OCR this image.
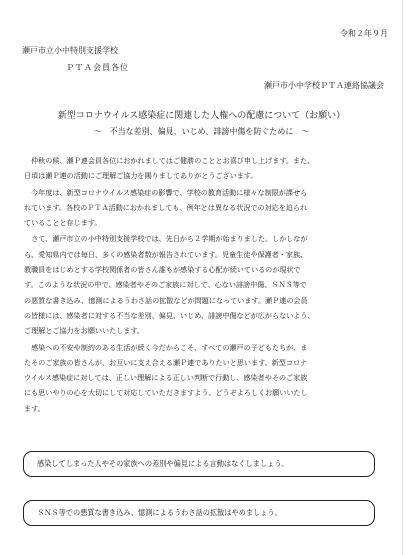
令和２年９月
瀬戸市立小中特別支援学校
ＰＴＡ会員各位
瀬戸市小中学校ＰＴＡ連絡協議会
新型コロナウイルス感染症に関連した人権への配慮について（お願い）
～　不当な差別、偏見，いじめ、誹謗中傷を防ぐために　～
　仲秋の候、瀬Ｐ連会員各位におかれましてはご健勝のこととお喜び申し上げます。また、
日頃は瀬Ｐ連の活動にご理解ご協力を賜りましてありがとうございます。
　今年度は、新型コロナウイルス感染症の影響で、学校の教育活動に様々な制限が課せら
れています。各校のＰＴＡ活動におかれましても、例年とは異なる状況での対応を迫られ
ていることと存じます。
　さて、瀬戸市立の小中特別支援学校では、先日から２学期が始まりました。しかしなが
ら、愛知県内では毎日、多くの感染者数が報告されています。児童生徒や保護者・家族、
教職員をはじめとする学校関係者の皆さん誰もが感染する心配が続いているのが現状で
す。このような状況の中で、感染者やそのご家族に対して、心ない誹謗中傷、ＳＮＳ等で
の悪質な書き込み、憶測によるうわさ話の拡散などが問題になっています。瀬Ｐ連の会員
の皆様には、感染者に対する不当な差別、偏見、いじめ、誹謗中傷などが広がらないよう、
ご理解とご協力をお願いいたします。
　感染への不安や制約のある生活が続く今だからこそ、すべての瀬戸の子どもたちが、ま
たそのご家族の皆さんが、お互いに支え合える瀬Ｐ連でありたいと思います。新型コロナ
ウイルス感染症に対しては、正しい理解による正しい判断で行動し、感染者やそのご家族
にも思いやりの心を大切にして対応していただきますよう、どうぞよろしくお願いいたし
ます。
感染してしまった人やその家族への差別や偏見による言動はなくしましょう。
ＳＮＳ等での悪質な書き込み、憶測によるうわさ話の拡散はやめましょう。
